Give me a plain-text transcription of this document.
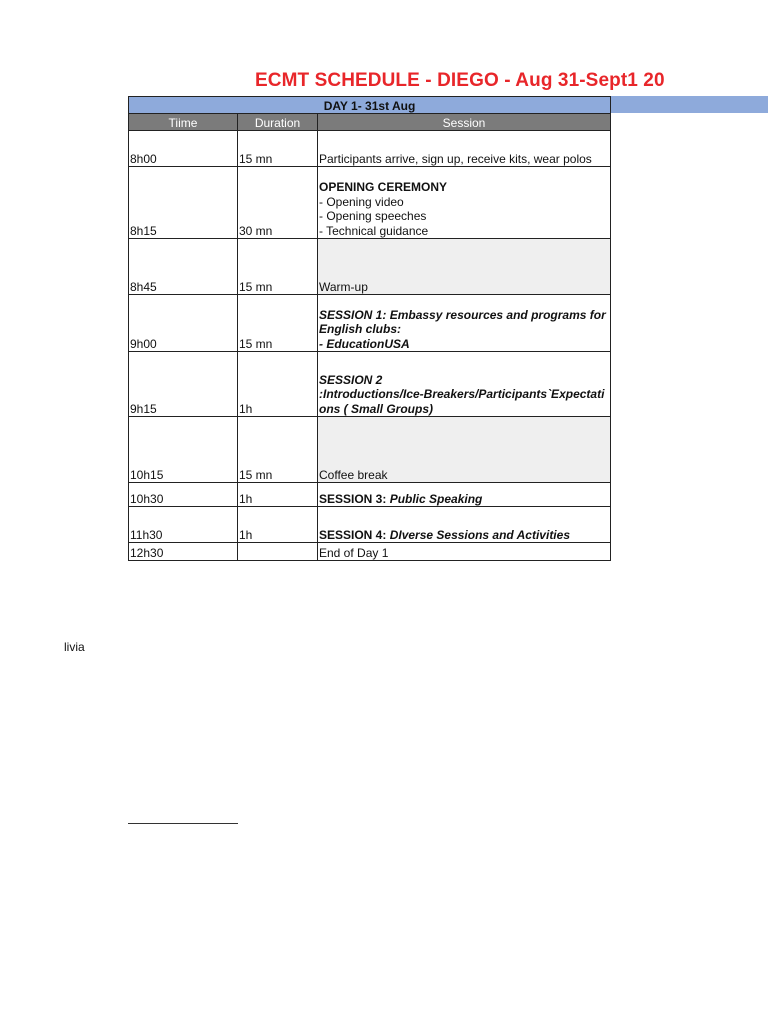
ECMT SCHEDULE - DIEGO - Aug 31-Sept1 20
DAY 1- 31st Aug		
Tiime	Duration	Session
8h00	15 mn	Participants arrive, sign up, receive kits, wear polos
8h15	30 mn	OPENING CEREMONY
- Opening video
- Opening speeches
- Technical guidance

8h45	15 mn	Warm-up
9h00	15 mn	SESSION 1: Embassy resources and programs for English clubs:
- EducationUSA

9h15	1h	SESSION 2
:Introductions/Ice-Breakers/Participants`Expectations ( Small Groups)

10h15	15 mn	Coffee break
10h30	1h	SESSION 3: Public Speaking
11h30	1h	SESSION 4: DIverse Sessions and Activities
12h30		End of Day 1
livia
